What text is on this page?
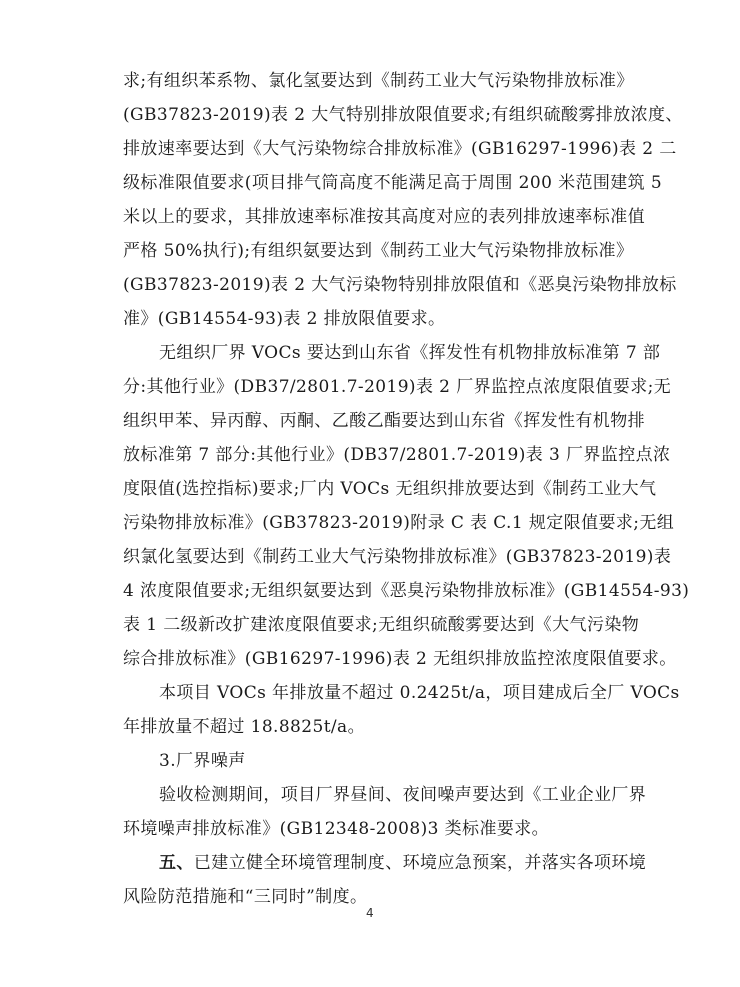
求;有组织苯系物、氯化氢要达到《制药工业大气污染物排放标准》
(GB37823-2019)表 2 大气特别排放限值要求;有组织硫酸雾排放浓度、
排放速率要达到《大气污染物综合排放标准》(GB16297-1996)表 2 二
级标准限值要求(项目排气筒高度不能满足高于周围 200 米范围建筑 5
米以上的要求，其排放速率标准按其高度对应的表列排放速率标准值
严格 50%执行);有组织氨要达到《制药工业大气污染物排放标准》
(GB37823-2019)表 2 大气污染物特别排放限值和《恶臭污染物排放标
准》(GB14554-93)表 2 排放限值要求。
无组织厂界 VOCs 要达到山东省《挥发性有机物排放标准第 7 部
分:其他行业》(DB37/2801.7-2019)表 2 厂界监控点浓度限值要求;无
组织甲苯、异丙醇、丙酮、乙酸乙酯要达到山东省《挥发性有机物排
放标准第 7 部分:其他行业》(DB37/2801.7-2019)表 3 厂界监控点浓
度限值(选控指标)要求;厂内 VOCs 无组织排放要达到《制药工业大气
污染物排放标准》(GB37823-2019)附录 C 表 C.1 规定限值要求;无组
织氯化氢要达到《制药工业大气污染物排放标准》(GB37823-2019)表
4 浓度限值要求;无组织氨要达到《恶臭污染物排放标准》(GB14554-93)
表 1 二级新改扩建浓度限值要求;无组织硫酸雾要达到《大气污染物
综合排放标准》(GB16297-1996)表 2 无组织排放监控浓度限值要求。
本项目 VOCs 年排放量不超过 0.2425t/a，项目建成后全厂 VOCs
年排放量不超过 18.8825t/a。
3.厂界噪声
验收检测期间，项目厂界昼间、夜间噪声要达到《工业企业厂界
环境噪声排放标准》(GB12348-2008)3 类标准要求。
五、已建立健全环境管理制度、环境应急预案，并落实各项环境
风险防范措施和“三同时”制度。
4
